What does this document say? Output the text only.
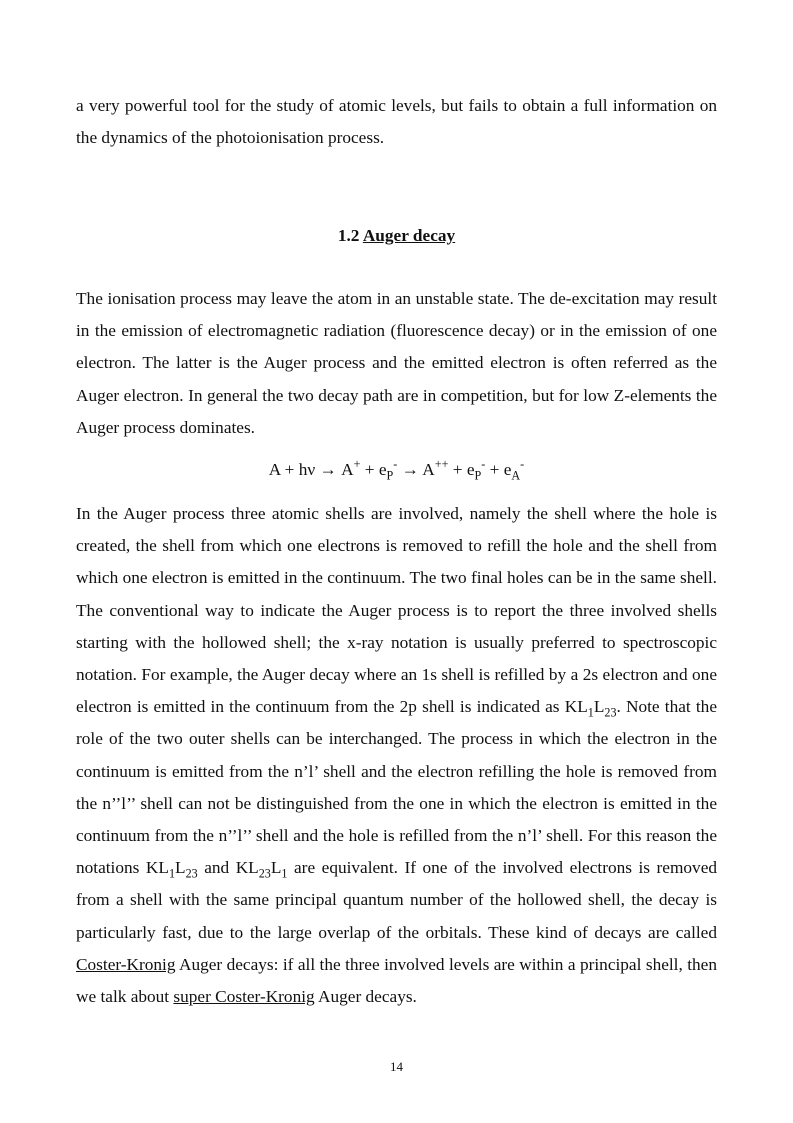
a very powerful tool for the study of atomic levels, but fails to obtain a full information on the dynamics of the photoionisation process.

1.2 Auger decay

The ionisation process may leave the atom in an unstable state. The de-excitation may result in the emission of electromagnetic radiation (fluorescence decay) or in the emission of one electron. The latter is the Auger process and the emitted electron is often referred as the Auger electron. In general the two decay path are in competition, but for low Z-elements the Auger process dominates.

$A + h\nu \to A^+ + e_P^- \to A^{++} + e_P^- + e_A^-$

In the Auger process three atomic shells are involved, namely the shell where the hole is created, the shell from which one electrons is removed to refill the hole and the shell from which one electron is emitted in the continuum. The two final holes can be in the same shell. The conventional way to indicate the Auger process is to report the three involved shells starting with the hollowed shell; the x-ray notation is usually preferred to spectroscopic notation. For example, the Auger decay where an 1s shell is refilled by a 2s electron and one electron is emitted in the continuum from the 2p shell is indicated as $KL_1L_{23}$. Note that the role of the two outer shells can be interchanged. The process in which the electron in the continuum is emitted from the n’l’ shell and the electron refilling the hole is removed from the n’’l’’ shell can not be distinguished from the one in which the electron is emitted in the continuum from the n’’l’’ shell and the hole is refilled from the n’l’ shell. For this reason the notations $KL_1L_{23}$ and $KL_{23}L_1$ are equivalent. If one of the involved electrons is removed from a shell with the same principal quantum number of the hollowed shell, the decay is particularly fast, due to the large overlap of the orbitals. These kind of decays are called Coster-Kronig Auger decays: if all the three involved levels are within a principal shell, then we talk about super Coster-Kronig Auger decays.

14
